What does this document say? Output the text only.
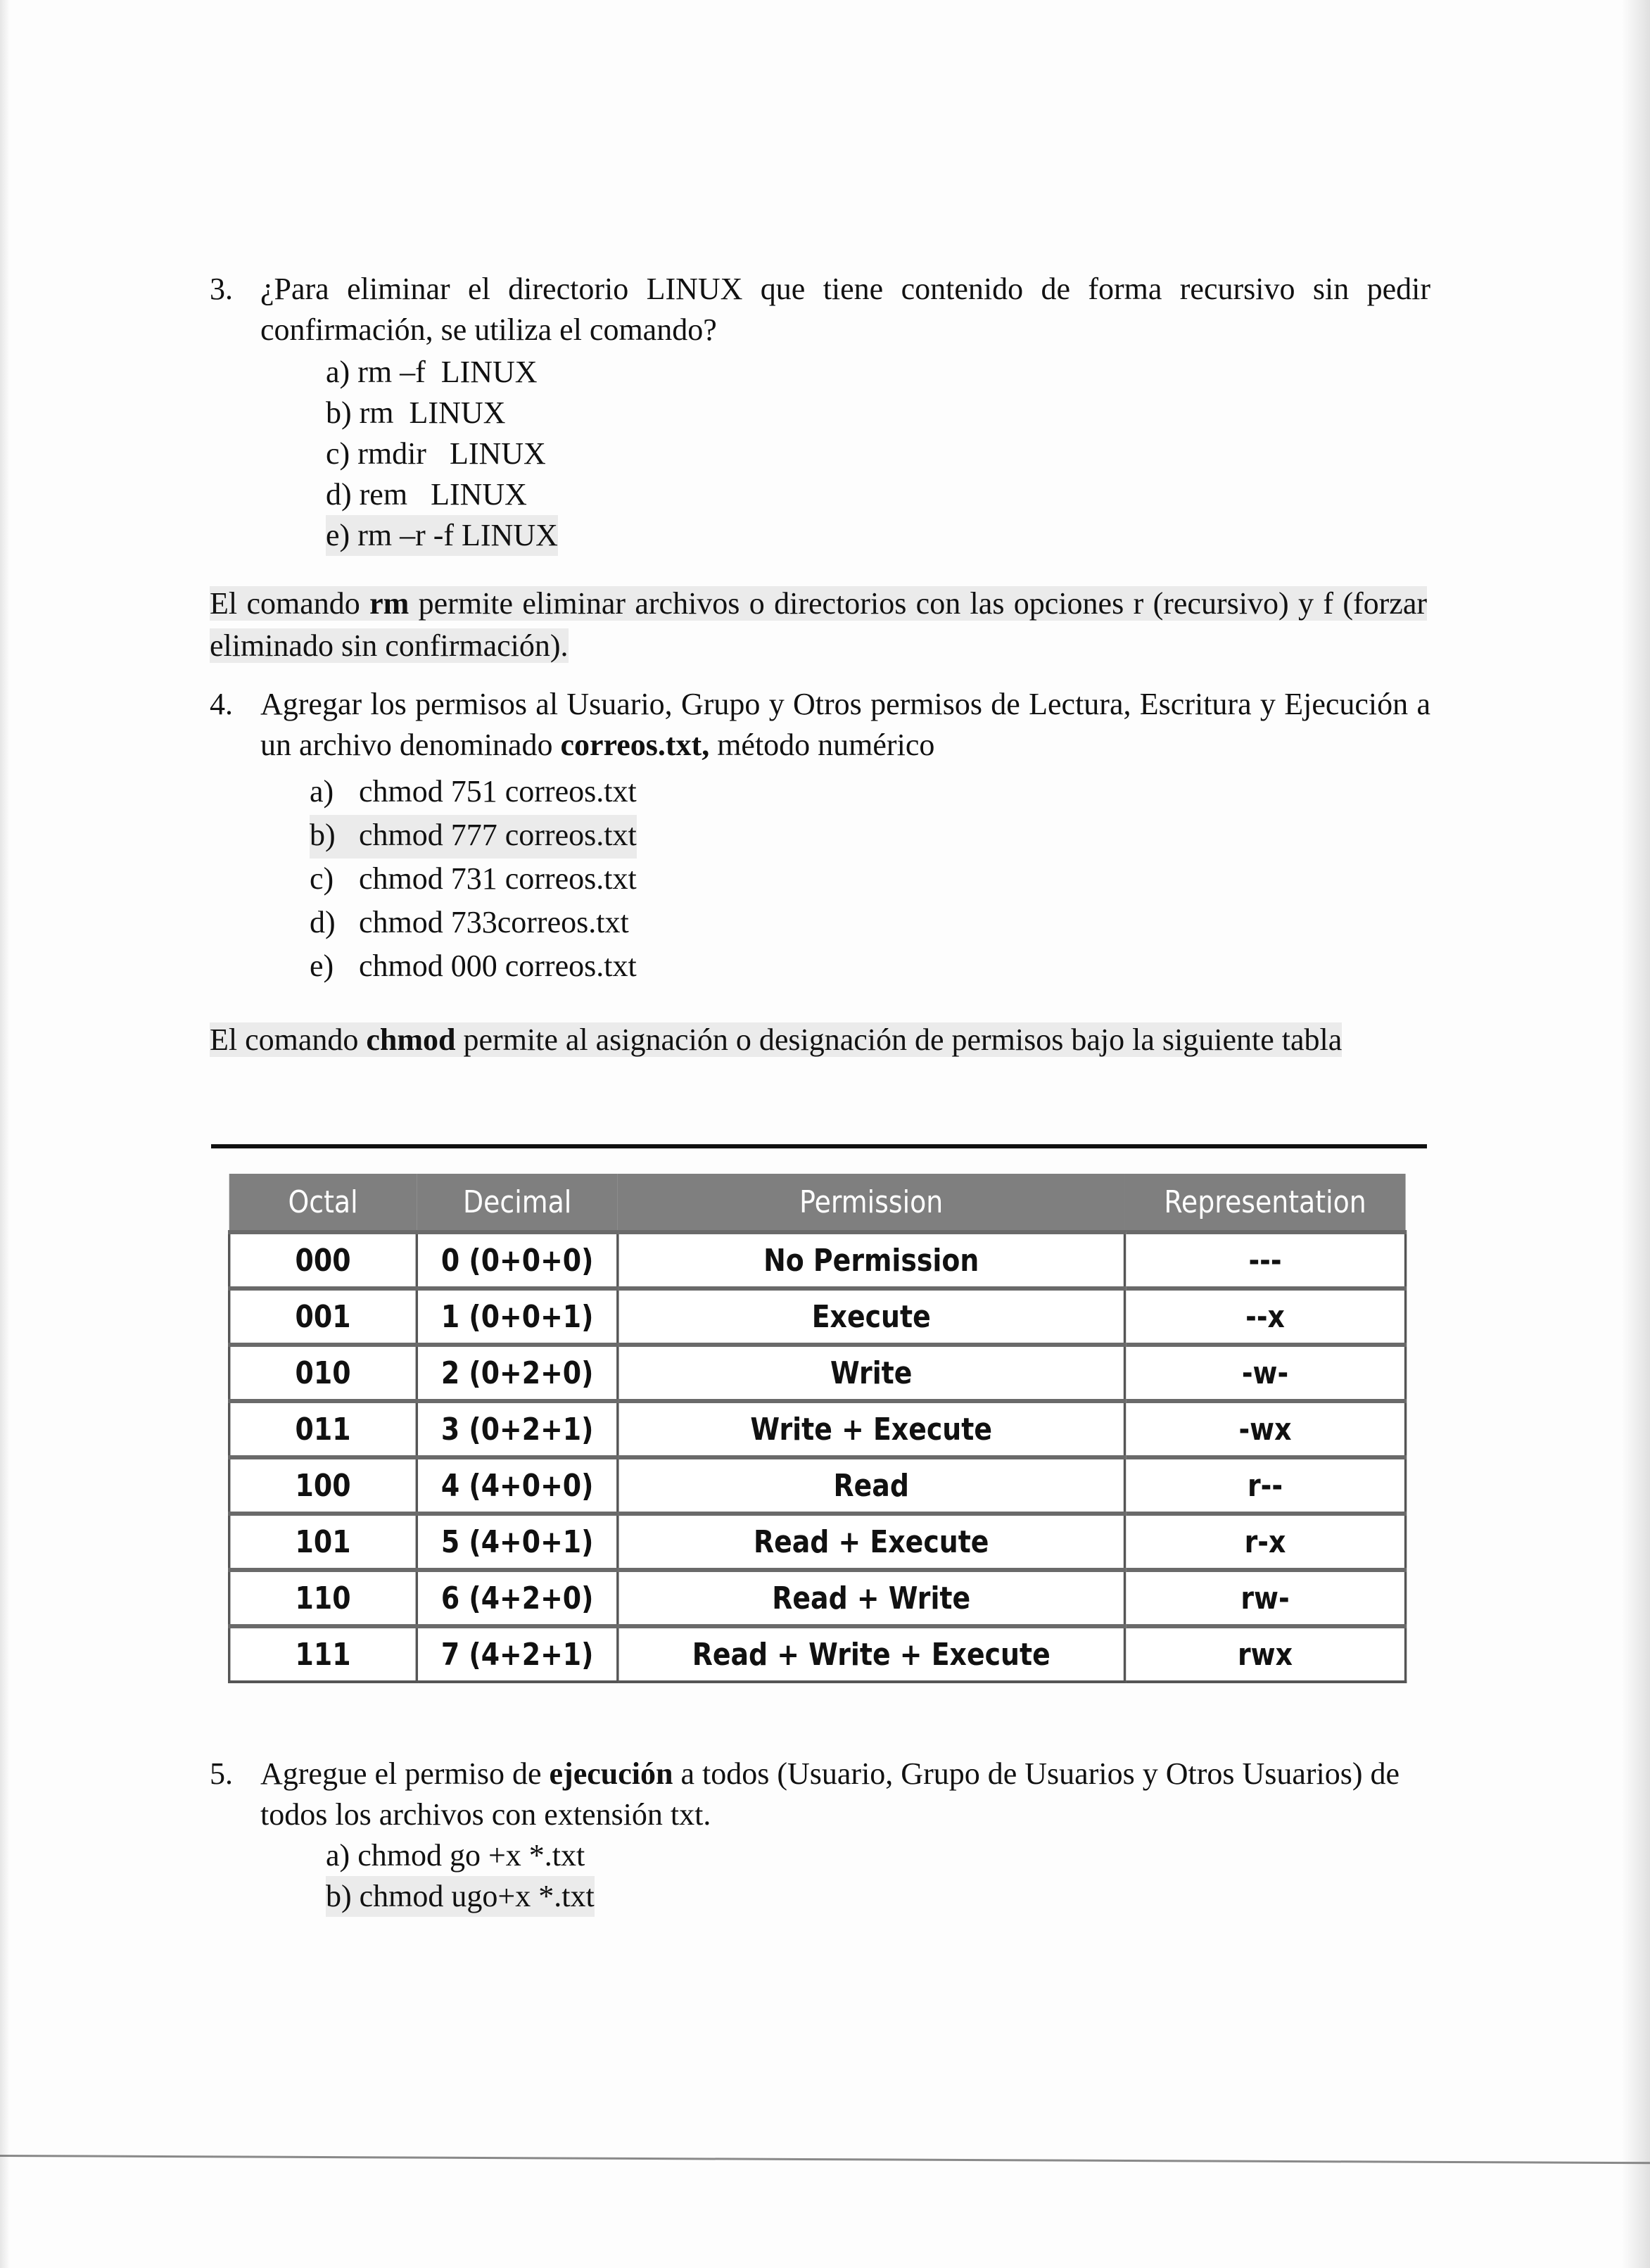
3. ¿Para eliminar el directorio LINUX que tiene contenido de forma recursivo sin pedir confirmación, se utiliza el comando?
a) rm –f  LINUX
b) rm  LINUX
c) rmdir   LINUX
d) rem   LINUX
e) rm –r -f LINUX
El comando rm permite eliminar archivos o directorios con las opciones r (recursivo) y f (forzar eliminado sin confirmación).
4. Agregar los permisos al Usuario, Grupo y Otros permisos de Lectura, Escritura y Ejecución a un archivo denominado correos.txt, método numérico
a) chmod 751 correos.txt
b) chmod 777 correos.txt
c) chmod 731 correos.txt
d) chmod 733correos.txt
e) chmod 000 correos.txt
El comando chmod permite al asignación o designación de permisos bajo la siguiente tabla
Octal	Decimal	Permission	Representation
000	0 (0+0+0)	No Permission	---
001	1 (0+0+1)	Execute	--x
010	2 (0+2+0)	Write	-w-
011	3 (0+2+1)	Write + Execute	-wx
100	4 (4+0+0)	Read	r--
101	5 (4+0+1)	Read + Execute	r-x
110	6 (4+2+0)	Read + Write	rw-
111	7 (4+2+1)	Read + Write + Execute	rwx
5. Agregue el permiso de ejecución a todos (Usuario, Grupo de Usuarios y Otros Usuarios) de todos los archivos con extensión txt.
a) chmod go +x *.txt
b) chmod ugo+x *.txt
